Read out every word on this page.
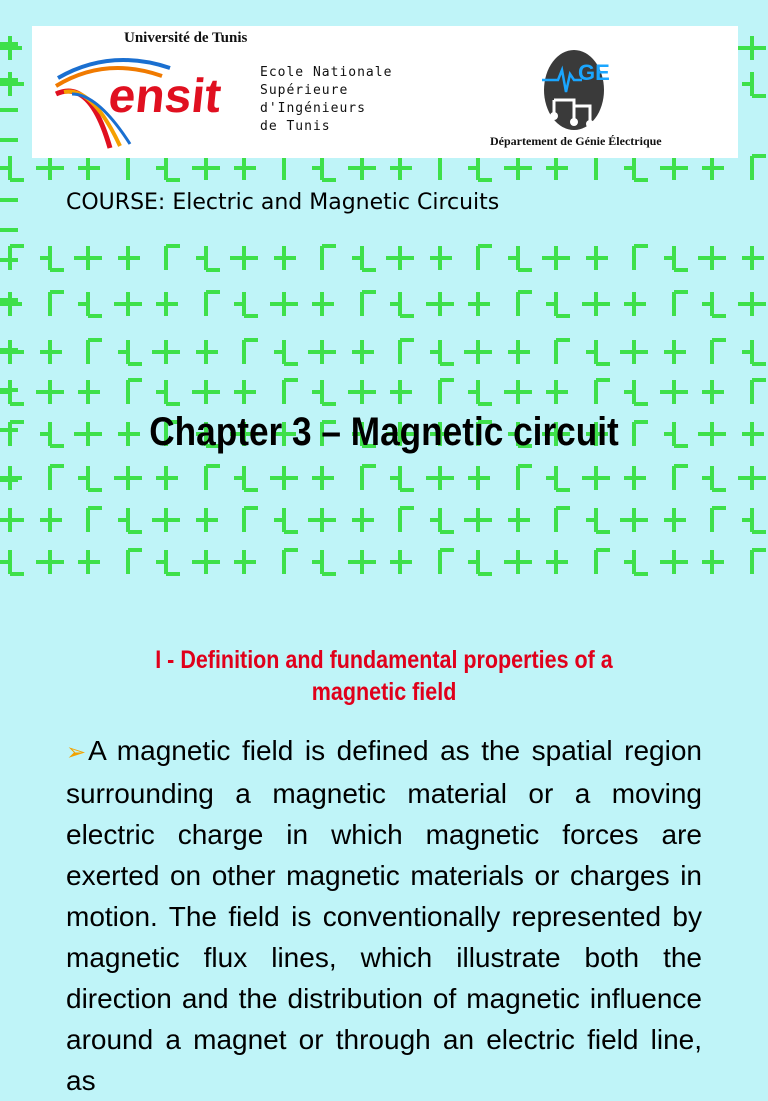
Université de Tunis
ensit	Ecole Nationale
Supérieure
d'Ingénieurs
de Tunis
GE
Département de Génie Électrique
COURSE: Electric and Magnetic Circuits
Chapter 3 – Magnetic circuit
I - Definition and fundamental properties of a
magnetic field
➢A magnetic field is defined as the spatial region surrounding a magnetic material or a moving electric charge in which magnetic forces are exerted on other magnetic materials or charges in motion. The field is conventionally represented by magnetic flux lines, which illustrate both the direction and the distribution of magnetic influence around a magnet or through an electric field line, as
